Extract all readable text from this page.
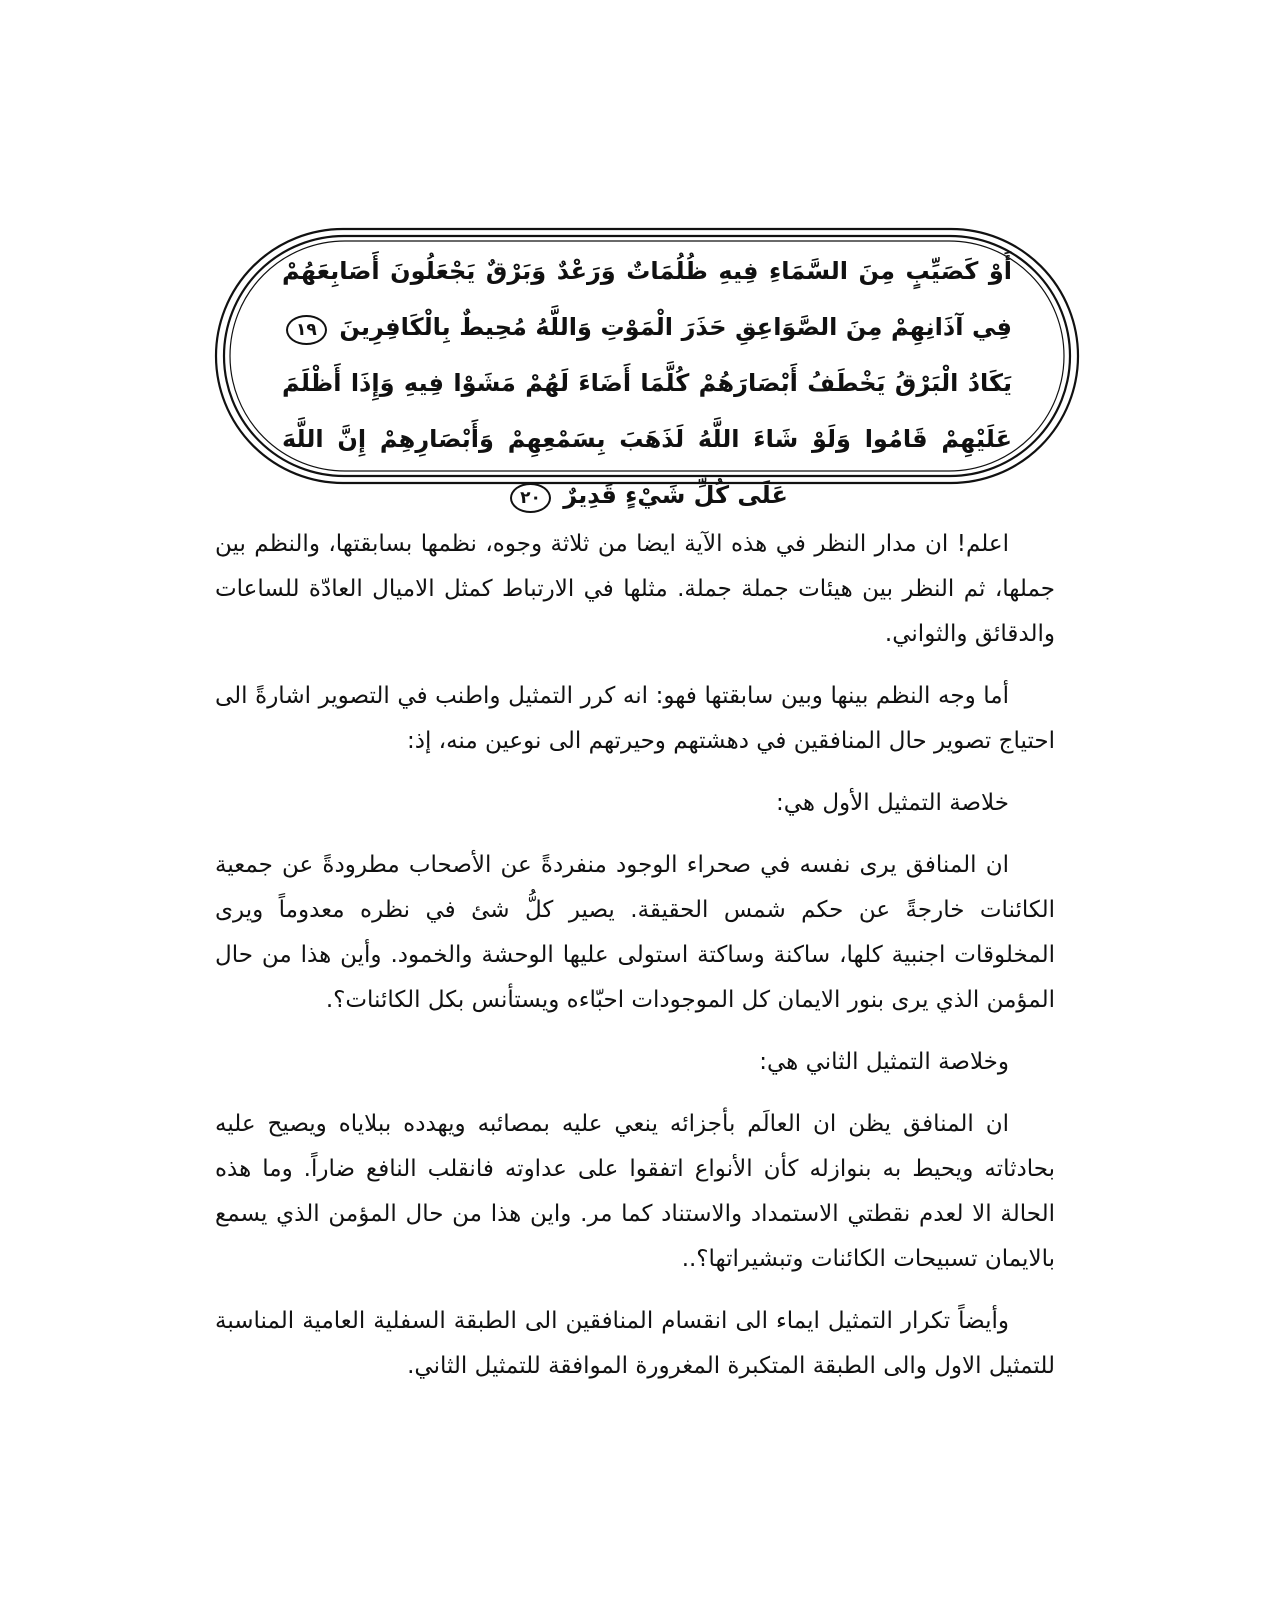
أَوْ كَصَيِّبٍ مِنَ السَّمَاءِ فِيهِ ظُلُمَاتٌ وَرَعْدٌ وَبَرْقٌ يَجْعَلُونَ أَصَابِعَهُمْ فِي آذَانِهِمْ مِنَ الصَّوَاعِقِ حَذَرَ الْمَوْتِ وَاللَّهُ مُحِيطٌ بِالْكَافِرِينَ ١٩ يَكَادُ الْبَرْقُ يَخْطَفُ أَبْصَارَهُمْ كُلَّمَا أَضَاءَ لَهُمْ مَشَوْا فِيهِ وَإِذَا أَظْلَمَ عَلَيْهِمْ قَامُوا وَلَوْ شَاءَ اللَّهُ لَذَهَبَ بِسَمْعِهِمْ وَأَبْصَارِهِمْ إِنَّ اللَّهَ عَلَى كُلِّ شَيْءٍ قَدِيرٌ ٢٠

اعلم! ان مدار النظر في هذه الآية ايضا من ثلاثة وجوه، نظمها بسابقتها، والنظم بين جملها، ثم النظر بين هيئات جملة جملة. مثلها في الارتباط كمثل الاميال العادّة للساعات والدقائق والثواني.

أما وجه النظم بينها وبين سابقتها فهو: انه كرر التمثيل واطنب في التصوير اشارةً الى احتياج تصوير حال المنافقين في دهشتهم وحيرتهم الى نوعين منه، إذ:

خلاصة التمثيل الأول هي:

ان المنافق يرى نفسه في صحراء الوجود منفردةً عن الأصحاب مطرودةً عن جمعية الكائنات خارجةً عن حكم شمس الحقيقة. يصير كلُّ شئ في نظره معدوماً ويرى المخلوقات اجنبية كلها، ساكنة وساكتة استولى عليها الوحشة والخمود. وأين هذا من حال المؤمن الذي يرى بنور الايمان كل الموجودات احبّاءه ويستأنس بكل الكائنات؟.

وخلاصة التمثيل الثاني هي:

ان المنافق يظن ان العالَم بأجزائه ينعي عليه بمصائبه ويهدده ببلاياه ويصيح عليه بحادثاته ويحيط به بنوازله كأن الأنواع اتفقوا على عداوته فانقلب النافع ضاراً. وما هذه الحالة الا لعدم نقطتي الاستمداد والاستناد كما مر. واين هذا من حال المؤمن الذي يسمع بالايمان تسبيحات الكائنات وتبشيراتها؟..

وأيضاً تكرار التمثيل ايماء الى انقسام المنافقين الى الطبقة السفلية العامية المناسبة للتمثيل الاول والى الطبقة المتكبرة المغرورة الموافقة للتمثيل الثاني.
